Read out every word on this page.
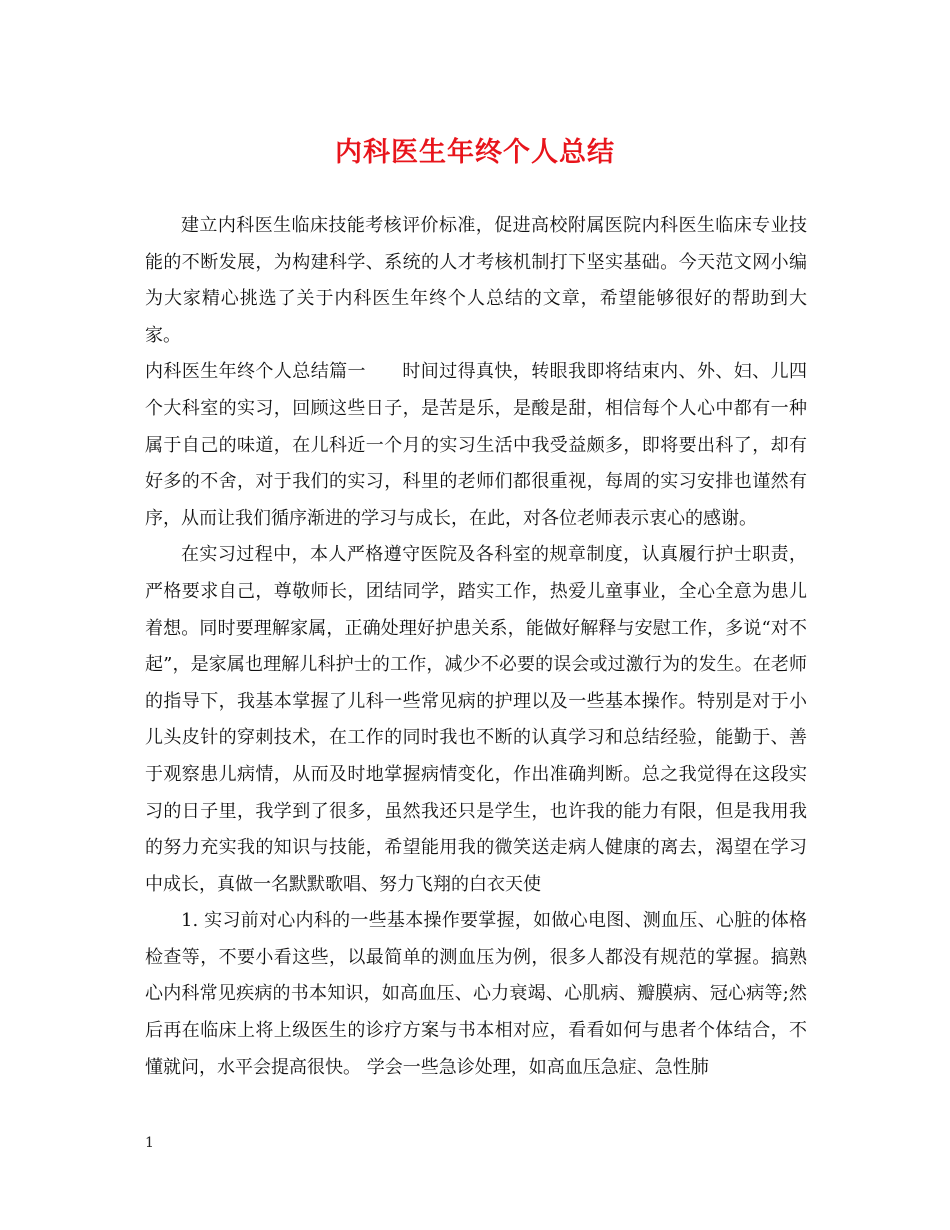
内科医生年终个人总结

建立内科医生临床技能考核评价标准，促进高校附属医院内科医生临床专业技能的不断发展，为构建科学、系统的人才考核机制打下坚实基础。今天范文网小编为大家精心挑选了关于内科医生年终个人总结的文章，希望能够很好的帮助到大家。

内科医生年终个人总结篇一 时间过得真快，转眼我即将结束内、外、妇、儿四个大科室的实习，回顾这些日子，是苦是乐，是酸是甜，相信每个人心中都有一种属于自己的味道，在儿科近一个月的实习生活中我受益颇多，即将要出科了，却有好多的不舍，对于我们的实习，科里的老师们都很重视，每周的实习安排也谨然有序，从而让我们循序渐进的学习与成长，在此，对各位老师表示衷心的感谢。

在实习过程中，本人严格遵守医院及各科室的规章制度，认真履行护士职责，严格要求自己，尊敬师长，团结同学，踏实工作，热爱儿童事业，全心全意为患儿着想。同时要理解家属，正确处理好护患关系，能做好解释与安慰工作，多说“对不起”，是家属也理解儿科护士的工作，减少不必要的误会或过激行为的发生。在老师的指导下，我基本掌握了儿科一些常见病的护理以及一些基本操作。特别是对于小儿头皮针的穿刺技术，在工作的同时我也不断的认真学习和总结经验，能勤于、善于观察患儿病情，从而及时地掌握病情变化，作出准确判断。总之我觉得在这段实习的日子里，我学到了很多，虽然我还只是学生，也许我的能力有限，但是我用我的努力充实我的知识与技能，希望能用我的微笑送走病人健康的离去，渴望在学习中成长，真做一名默默歌唱、努力飞翔的白衣天使

1. 实习前对心内科的一些基本操作要掌握，如做心电图、测血压、心脏的体格检查等，不要小看这些，以最简单的测血压为例，很多人都没有规范的掌握。搞熟心内科常见疾病的书本知识，如高血压、心力衰竭、心肌病、瓣膜病、冠心病等;然后再在临床上将上级医生的诊疗方案与书本相对应，看看如何与患者个体结合，不懂就问，水平会提高很快。 学会一些急诊处理，如高血压急症、急性肺

1
